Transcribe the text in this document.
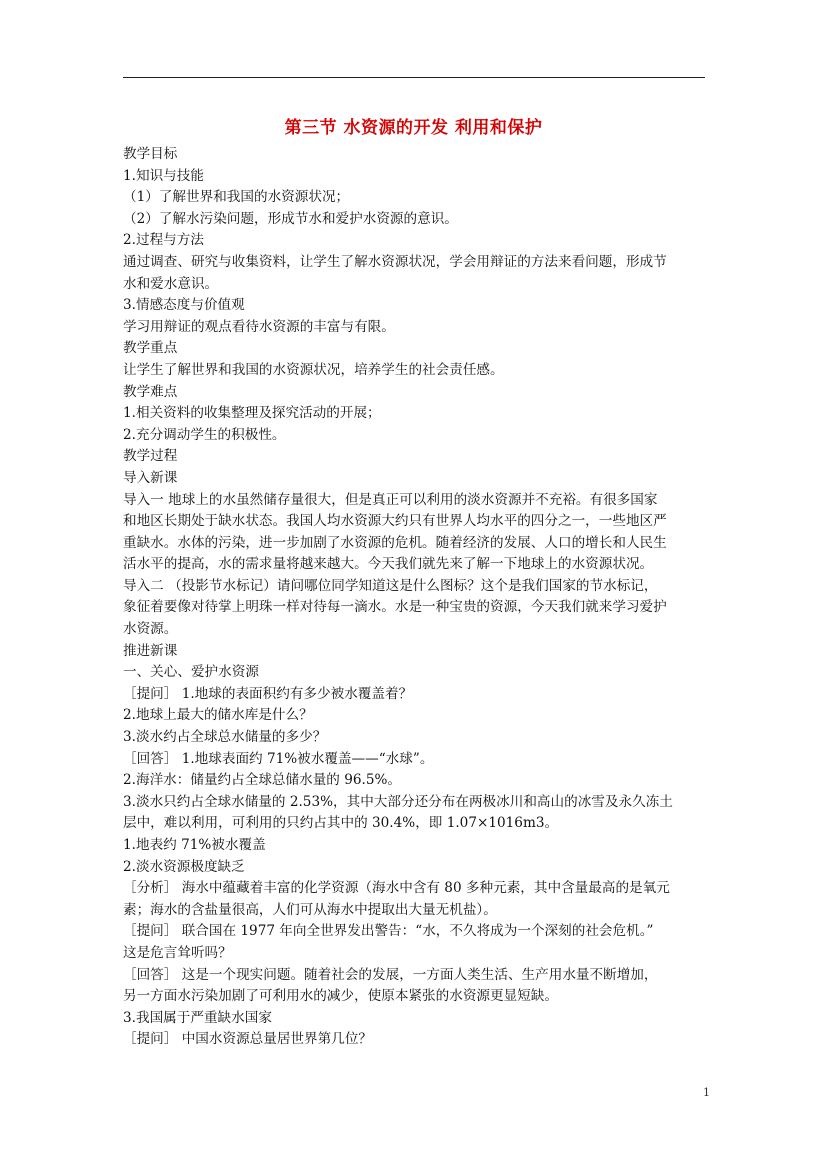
第三节 水资源的开发 利用和保护
教学目标
1.知识与技能
（1）了解世界和我国的水资源状况；
（2）了解水污染问题，形成节水和爱护水资源的意识。
2.过程与方法
通过调查、研究与收集资料，让学生了解水资源状况，学会用辩证的方法来看问题，形成节
水和爱水意识。
3.情感态度与价值观
学习用辩证的观点看待水资源的丰富与有限。
教学重点
让学生了解世界和我国的水资源状况，培养学生的社会责任感。
教学难点
1.相关资料的收集整理及探究活动的开展；
2.充分调动学生的积极性。
教学过程
导入新课
导入一 地球上的水虽然储存量很大，但是真正可以利用的淡水资源并不充裕。有很多国家
和地区长期处于缺水状态。我国人均水资源大约只有世界人均水平的四分之一，一些地区严
重缺水。水体的污染，进一步加剧了水资源的危机。随着经济的发展、人口的增长和人民生
活水平的提高，水的需求量将越来越大。今天我们就先来了解一下地球上的水资源状况。
导入二 （投影节水标记）请问哪位同学知道这是什么图标？这个是我们国家的节水标记，
象征着要像对待掌上明珠一样对待每一滴水。水是一种宝贵的资源，今天我们就来学习爱护
水资源。
推进新课
一、关心、爱护水资源
［提问］ 1.地球的表面积约有多少被水覆盖着？
2.地球上最大的储水库是什么？
3.淡水约占全球总水储量的多少？
［回答］ 1.地球表面约 71%被水覆盖——“水球”。
2.海洋水：储量约占全球总储水量的 96.5%。
3.淡水只约占全球水储量的 2.53%，其中大部分还分布在两极冰川和高山的冰雪及永久冻土
层中，难以利用，可利用的只约占其中的 30.4%，即 1.07×1016m3。
1.地表约 71%被水覆盖
2.淡水资源极度缺乏
［分析］ 海水中蕴藏着丰富的化学资源（海水中含有 80 多种元素，其中含量最高的是氧元
素；海水的含盐量很高，人们可从海水中提取出大量无机盐）。
［提问］ 联合国在 1977 年向全世界发出警告：“水，不久将成为一个深刻的社会危机。”
这是危言耸听吗？
［回答］ 这是一个现实问题。随着社会的发展，一方面人类生活、生产用水量不断增加，
另一方面水污染加剧了可利用水的减少，使原本紧张的水资源更显短缺。
3.我国属于严重缺水国家
［提问］ 中国水资源总量居世界第几位？
1
